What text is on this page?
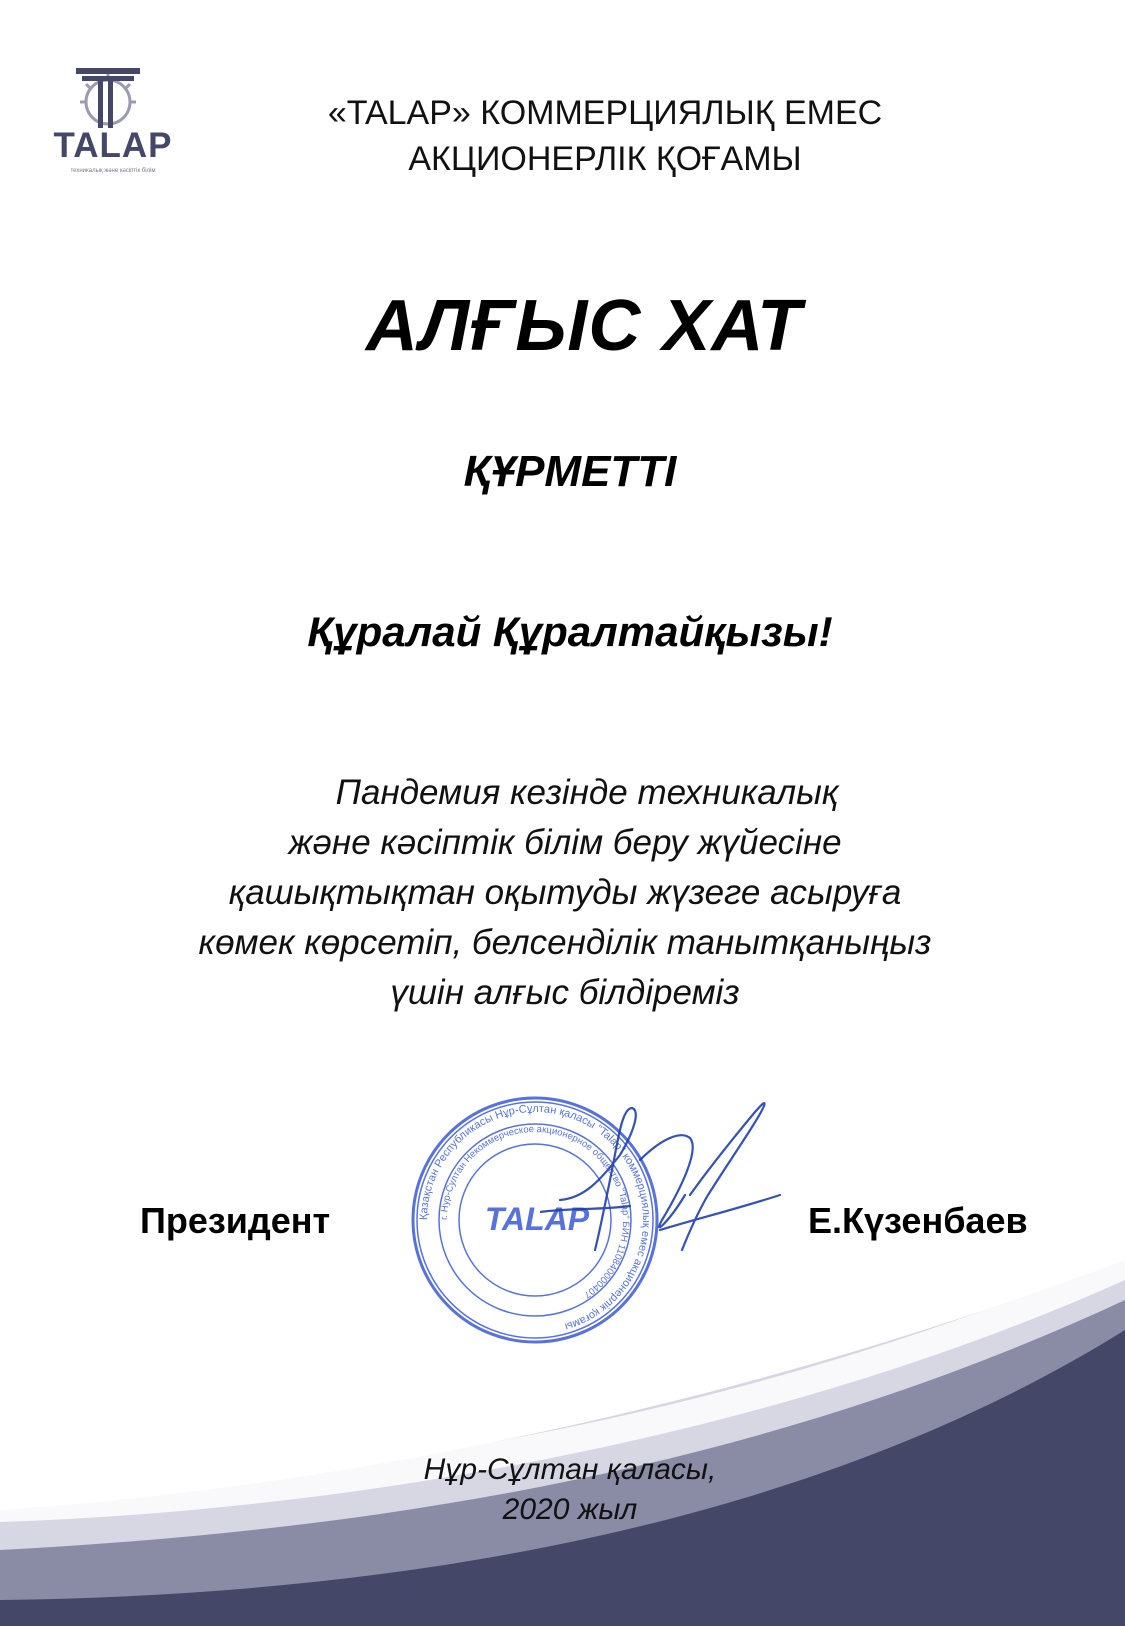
TALAP
техникалық және кәсіптік білім
«TALAP» КОММЕРЦИЯЛЫҚ ЕМЕС
АКЦИОНЕРЛІК ҚОҒАМЫ
АЛҒЫС ХАТ
ҚҰРМЕТТІ
Құралай Құралтайқызы!
Пандемия кезінде техникалық
және кәсіптік білім беру жүйесіне
қашықтықтан оқытуды жүзеге асыруға
көмек көрсетіп, белсенділік танытқаныңыз
үшін алғыс білдіреміз
Президент	Е.Күзенбаев
Қазақстан Республикасы Нұр-Сұлтан қаласы "Talap" коммерциялық емес акционерлік қоғамы
г. Нур-Султан Некоммерческое акционерное общество "Talap" БИН 110840000407
TALAP
Нұр-Сұлтан қаласы,
2020 жыл
